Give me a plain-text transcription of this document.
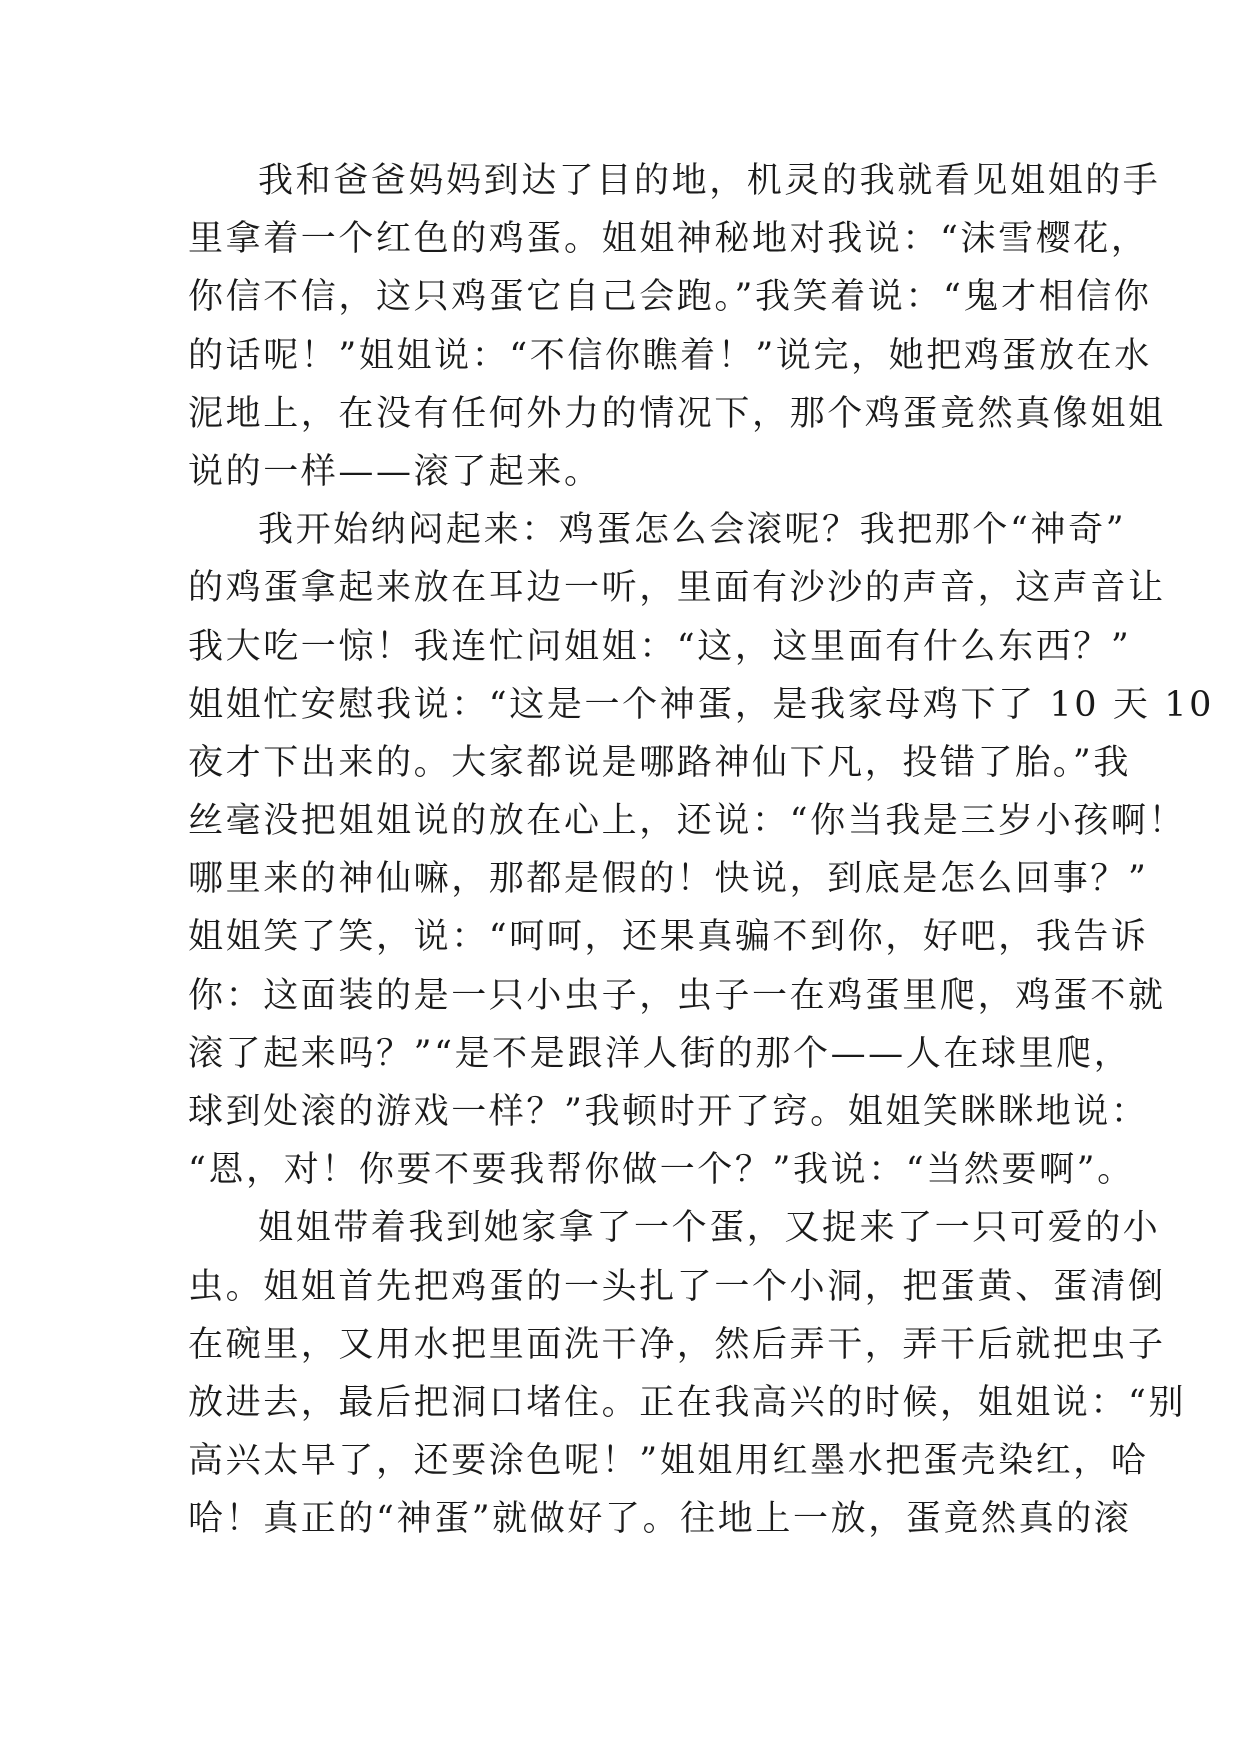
我和爸爸妈妈到达了目的地，机灵的我就看见姐姐的手
里拿着一个红色的鸡蛋。姐姐神秘地对我说：“沫雪樱花，
你信不信，这只鸡蛋它自己会跑。”我笑着说：“鬼才相信你
的话呢！”姐姐说：“不信你瞧着！”说完，她把鸡蛋放在水
泥地上，在没有任何外力的情况下，那个鸡蛋竟然真像姐姐
说的一样——滚了起来。
我开始纳闷起来：鸡蛋怎么会滚呢？我把那个“神奇”
的鸡蛋拿起来放在耳边一听，里面有沙沙的声音，这声音让
我大吃一惊！我连忙问姐姐：“这，这里面有什么东西？”
姐姐忙安慰我说：“这是一个神蛋，是我家母鸡下了 10 天 10
夜才下出来的。大家都说是哪路神仙下凡，投错了胎。”我
丝毫没把姐姐说的放在心上，还说：“你当我是三岁小孩啊！
哪里来的神仙嘛，那都是假的！快说，到底是怎么回事？”
姐姐笑了笑，说：“呵呵，还果真骗不到你，好吧，我告诉
你：这面装的是一只小虫子，虫子一在鸡蛋里爬，鸡蛋不就
滚了起来吗？”“是不是跟洋人街的那个——人在球里爬，
球到处滚的游戏一样？”我顿时开了窍。姐姐笑眯眯地说：
“恩，对！你要不要我帮你做一个？”我说：“当然要啊”。
姐姐带着我到她家拿了一个蛋，又捉来了一只可爱的小
虫。姐姐首先把鸡蛋的一头扎了一个小洞，把蛋黄、蛋清倒
在碗里，又用水把里面洗干净，然后弄干，弄干后就把虫子
放进去，最后把洞口堵住。正在我高兴的时候，姐姐说：“别
高兴太早了，还要涂色呢！”姐姐用红墨水把蛋壳染红，哈
哈！真正的“神蛋”就做好了。往地上一放，蛋竟然真的滚
